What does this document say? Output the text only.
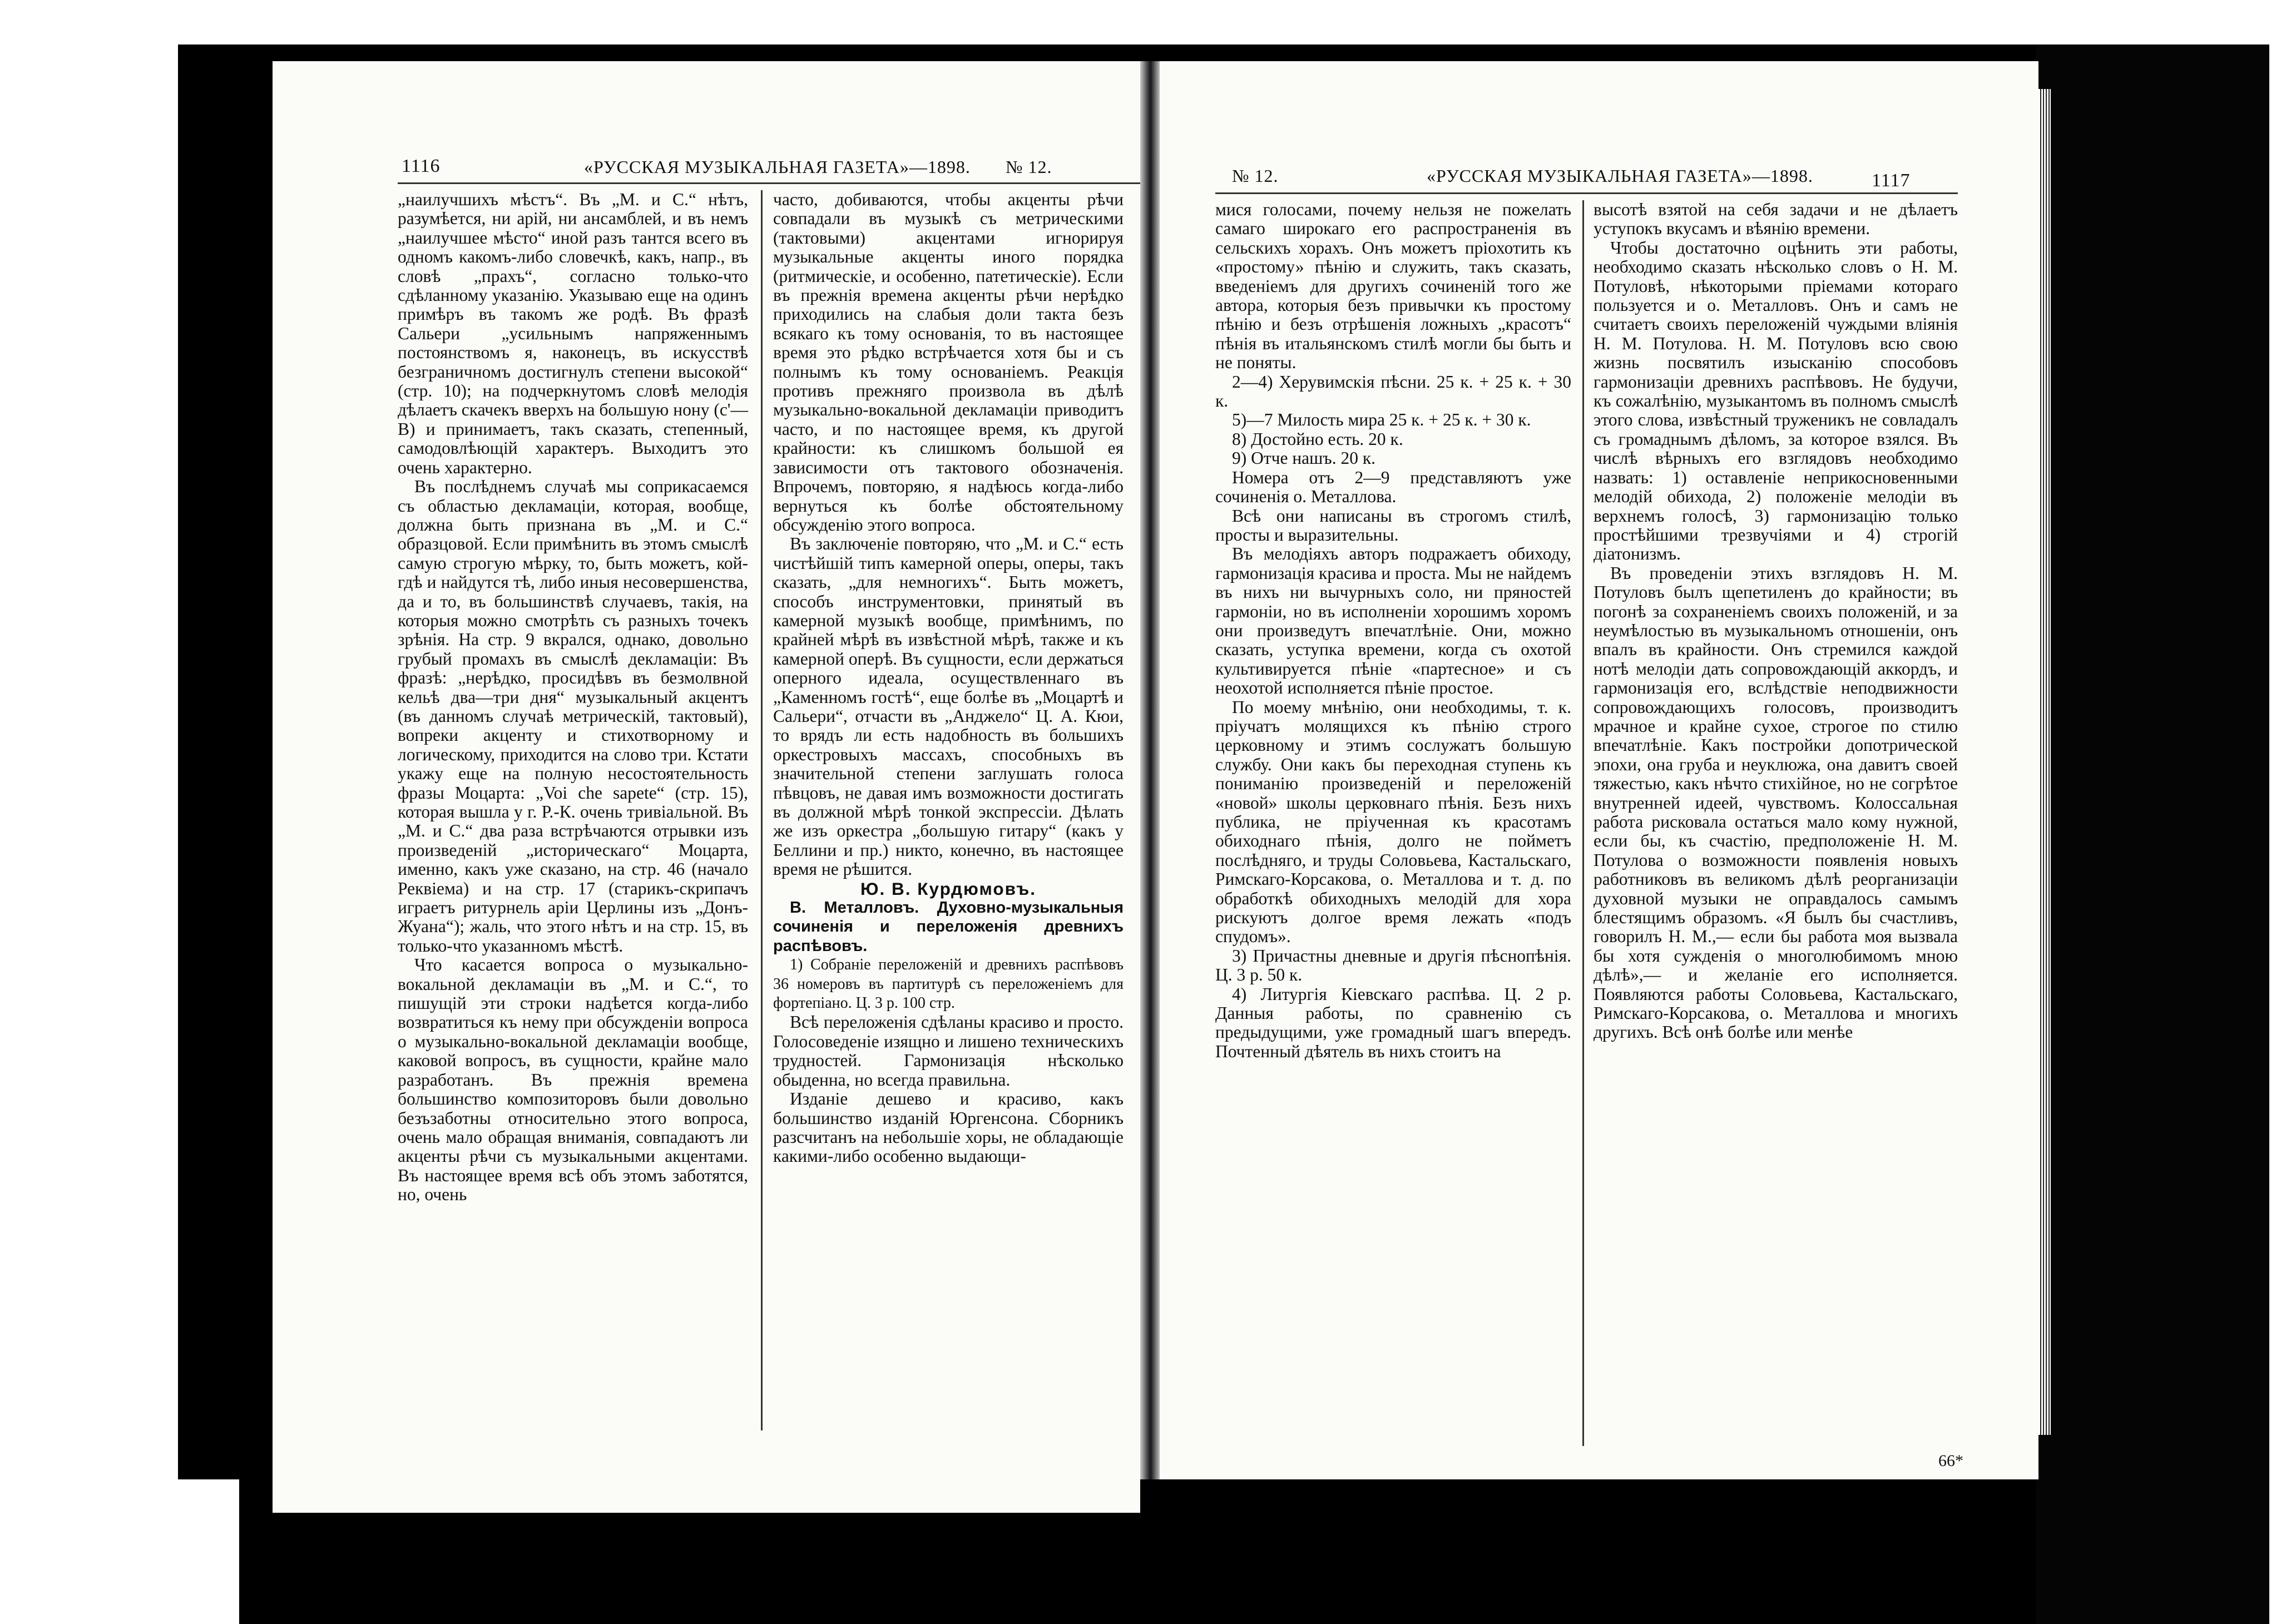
1116	«РУССКАЯ МУЗЫКАЛЬНАЯ ГАЗЕТА»—1898. № 12.

„наилучшихъ мѣстъ“. Въ „М. и С.“ нѣтъ, разумѣется, ни арій, ни ансамблей, и въ немъ „наилучшее мѣсто“ иной разъ тантся всего въ одномъ какомъ-либо словечкѣ, какъ, напр., въ словѣ „прахъ“, согласно только-что сдѣланному указанію. Указываю еще на одинъ примѣръ въ такомъ же родѣ. Въ фразѣ Сальери „усильнымъ напряженнымъ постоянствомъ я, наконецъ, въ искусствѣ безграничномъ достигнулъ степени высокой“ (стр. 10); на подчеркнутомъ словѣ мелодія дѣлаетъ скачекъ вверхъ на большую нону (с'—В) и принимаетъ, такъ сказать, степенный, самодовлѣющій характеръ. Выходитъ это очень характерно.

Въ послѣднемъ случаѣ мы соприкасаемся съ областью декламаціи, которая, вообще, должна быть признана въ „М. и С.“ образцовой. Если примѣнить въ этомъ смыслѣ самую строгую мѣрку, то, быть можетъ, кой-гдѣ и найдутся тѣ, либо иныя несовершенства, да и то, въ большинствѣ случаевъ, такія, на которыя можно смотрѣть съ разныхъ точекъ зрѣнія. На стр. 9 вкрался, однако, довольно грубый промахъ въ смыслѣ декламаціи: Въ фразѣ: „нерѣдко, просидѣвъ въ безмолвной кельѣ два—три дня“ музыкальный акцентъ (въ данномъ случаѣ метрическій, тактовый), вопреки акценту и стихотворному и логическому, приходится на слово три. Кстати укажу еще на полную несостоятельность фразы Моцарта: „Voi che sapete“ (стр. 15), которая вышла у г. Р.-К. очень тривіальной. Въ „М. и С.“ два раза встрѣчаются отрывки изъ произведеній „историческаго“ Моцарта, именно, какъ уже сказано, на стр. 46 (начало Реквіема) и на стр. 17 (старикъ-скрипачъ играетъ ритурнель аріи Церлины изъ „Донъ-Жуана“); жаль, что этого нѣтъ и на стр. 15, въ только-что указанномъ мѣстѣ.

Что касается вопроса о музыкально-вокальной декламаціи въ „М. и С.“, то пишущій эти строки надѣется когда-либо возвратиться къ нему при обсужденіи вопроса о музыкально-вокальной декламаціи вообще, каковой вопросъ, въ сущности, крайне мало разработанъ. Въ прежнія времена большинство композиторовъ были довольно безъзаботны относительно этого вопроса, очень мало обращая вниманія, совпадаютъ ли акценты рѣчи съ музыкальными акцентами. Въ настоящее время всѣ объ этомъ заботятся, но, очень

часто, добиваются, чтобы акценты рѣчи совпадали въ музыкѣ съ метрическими (тактовыми) акцентами игнорируя музыкальные акценты иного порядка (ритмическіе, и особенно, патетическіе). Если въ прежнія времена акценты рѣчи нерѣдко приходились на слабыя доли такта безъ всякаго къ тому основанія, то въ настоящее время это рѣдко встрѣчается хотя бы и съ полнымъ къ тому основаніемъ. Реакція противъ прежняго произвола въ дѣлѣ музыкально-вокальной декламаціи приводитъ часто, и по настоящее время, къ другой крайности: къ слишкомъ большой ея зависимости отъ тактового обозначенія. Впрочемъ, повторяю, я надѣюсь когда-либо вернуться къ болѣе обстоятельному обсужденію этого вопроса.

Въ заключеніе повторяю, что „М. и С.“ есть чистѣйшій типъ камерной оперы, оперы, такъ сказать, „для немногихъ“. Быть можетъ, способъ инструментовки, принятый въ камерной музыкѣ вообще, примѣнимъ, по крайней мѣрѣ въ извѣстной мѣрѣ, также и къ камерной оперѣ. Въ сущности, если держаться оперного идеала, осуществленнаго въ „Каменномъ гостѣ“, еще болѣе въ „Моцартѣ и Сальери“, отчасти въ „Анджело“ Ц. А. Кюи, то врядъ ли есть надобность въ большихъ оркестровыхъ массахъ, способныхъ въ значительной степени заглушать голоса пѣвцовъ, не давая имъ возможности достигать въ должной мѣрѣ тонкой экспрессіи. Дѣлать же изъ оркестра „большую гитару“ (какъ у Беллини и пр.) никто, конечно, въ настоящее время не рѣшится.

Ю. В. Курдюмовъ.

В. Металловъ. Духовно-музыкальныя сочиненія и переложенія древнихъ распѣвовъ.

1) Собраніе переложеній и древнихъ распѣвовъ 36 номеровъ въ партитурѣ съ переложеніемъ для фортепіано. Ц. 3 р. 100 стр.

Всѣ переложенія сдѣланы красиво и просто. Голосоведеніе изящно и лишено техническихъ трудностей. Гармонизація нѣсколько обыденна, но всегда правильна.

Изданіе дешево и красиво, какъ большинство изданій Юргенсона. Сборникъ разсчитанъ на небольшіе хоры, не обладающіе какими-либо особенно выдающи-

№ 12.	«РУССКАЯ МУЗЫКАЛЬНАЯ ГАЗЕТА»—1898.	1117

мися голосами, почему нельзя не пожелать самаго широкаго его распространенія въ сельскихъ хорахъ. Онъ можетъ пріохотить къ «простому» пѣнію и служить, такъ сказать, введеніемъ для другихъ сочиненій того же автора, которыя безъ привычки къ простому пѣнію и безъ отрѣшенія ложныхъ „красотъ“ пѣнія въ итальянскомъ стилѣ могли бы быть и не поняты.

2—4) Херувимскія пѣсни. 25 к. + 25 к. + 30 к.

5)—7 Милость мира 25 к. + 25 к. + 30 к.

8) Достойно есть. 20 к.

9) Отче нашъ. 20 к.

Номера отъ 2—9 представляютъ уже сочиненія о. Металлова.

Всѣ они написаны въ строгомъ стилѣ, просты и выразительны.

Въ мелодіяхъ авторъ подражаетъ обиходу, гармонизація красива и проста. Мы не найдемъ въ нихъ ни вычурныхъ соло, ни пряностей гармоніи, но въ исполненіи хорошимъ хоромъ они произведутъ впечатлѣніе. Они, можно сказать, уступка времени, когда съ охотой культивируется пѣніе «партесное» и съ неохотой исполняется пѣніе простое.

По моему мнѣнію, они необходимы, т. к. пріучатъ молящихся къ пѣнію строго церковному и этимъ сослужатъ большую службу. Они какъ бы переходная ступень къ пониманію произведеній и переложеній «новой» школы церковнаго пѣнія. Безъ нихъ публика, не пріученная къ красотамъ обиходнаго пѣнія, долго не пойметъ послѣдняго, и труды Соловьева, Кастальскаго, Римскаго-Корсакова, о. Металлова и т. д. по обработкѣ обиходныхъ мелодій для хора рискуютъ долгое время лежать «подъ спудомъ».

3) Причастны дневные и другія пѣснопѣнія. Ц. 3 р. 50 к.

4) Литургія Кіевскаго распѣва. Ц. 2 р. Данныя работы, по сравненію съ предыдущими, уже громадный шагъ впередъ. Почтенный дѣятель въ нихъ стоитъ на

высотѣ взятой на себя задачи и не дѣлаетъ уступокъ вкусамъ и вѣянію времени.

Чтобы достаточно оцѣнить эти работы, необходимо сказать нѣсколько словъ о Н. М. Потуловѣ, нѣкоторыми пріемами котораго пользуется и о. Металловъ. Онъ и самъ не считаетъ своихъ переложеній чуждыми вліянія Н. М. Потулова. Н. М. Потуловъ всю свою жизнь посвятилъ изысканію способовъ гармонизаціи древнихъ распѣвовъ. Не будучи, къ сожалѣнію, музыкантомъ въ полномъ смыслѣ этого слова, извѣстный труженикъ не совладалъ съ громаднымъ дѣломъ, за которое взялся. Въ числѣ вѣрныхъ его взглядовъ необходимо назвать: 1) оставленіе неприкосновенными мелодій обихода, 2) положеніе мелодіи въ верхнемъ голосѣ, 3) гармонизацію только простѣйшими трезвучіями и 4) строгій діатонизмъ.

Въ проведеніи этихъ взглядовъ Н. М. Потуловъ былъ щепетиленъ до крайности; въ погонѣ за сохраненіемъ своихъ положеній, и за неумѣлостью въ музыкальномъ отношеніи, онъ впалъ въ крайности. Онъ стремился каждой нотѣ мелодіи дать сопровождающій аккордъ, и гармонизація его, вслѣдствіе неподвижности сопровождающихъ голосовъ, производитъ мрачное и крайне сухое, строгое по стилю впечатлѣніе. Какъ постройки допотрической эпохи, она груба и неуклюжа, она давитъ своей тяжестью, какъ нѣчто стихійное, но не согрѣтое внутренней идеей, чувствомъ. Колоссальная работа рисковала остаться мало кому нужной, если бы, къ счастію, предположеніе Н. М. Потулова о возможности появленія новыхъ работниковъ въ великомъ дѣлѣ реорганизаціи духовной музыки не оправдалось самымъ блестящимъ образомъ. «Я былъ бы счастливъ, говорилъ Н. М.,— если бы работа моя вызвала бы хотя сужденія о многолюбимомъ мною дѣлѣ»,— и желаніе его исполняется. Появляются работы Соловьева, Кастальскаго, Римскаго-Корсакова, о. Металлова и многихъ другихъ. Всѣ онѣ болѣе или менѣе

66*
